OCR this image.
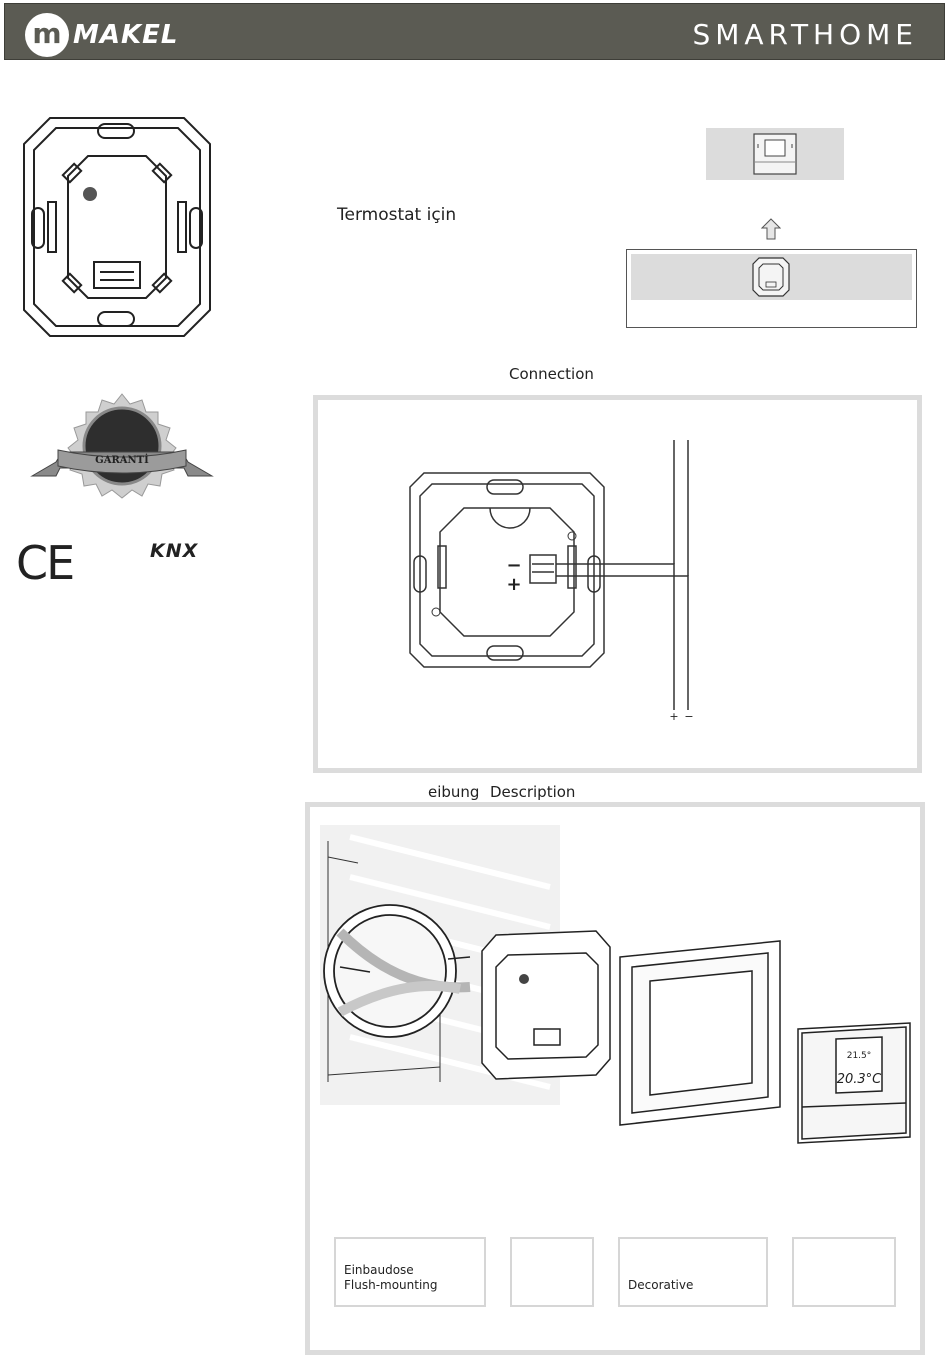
m MAKEL	SMARTHOME
Termostat için
GARANTİ
CE	KNX
Connection
−
+
+ −
eibung Description
21.5°
20.3°C
Einbaudose
Flush-mounting	Decorative
